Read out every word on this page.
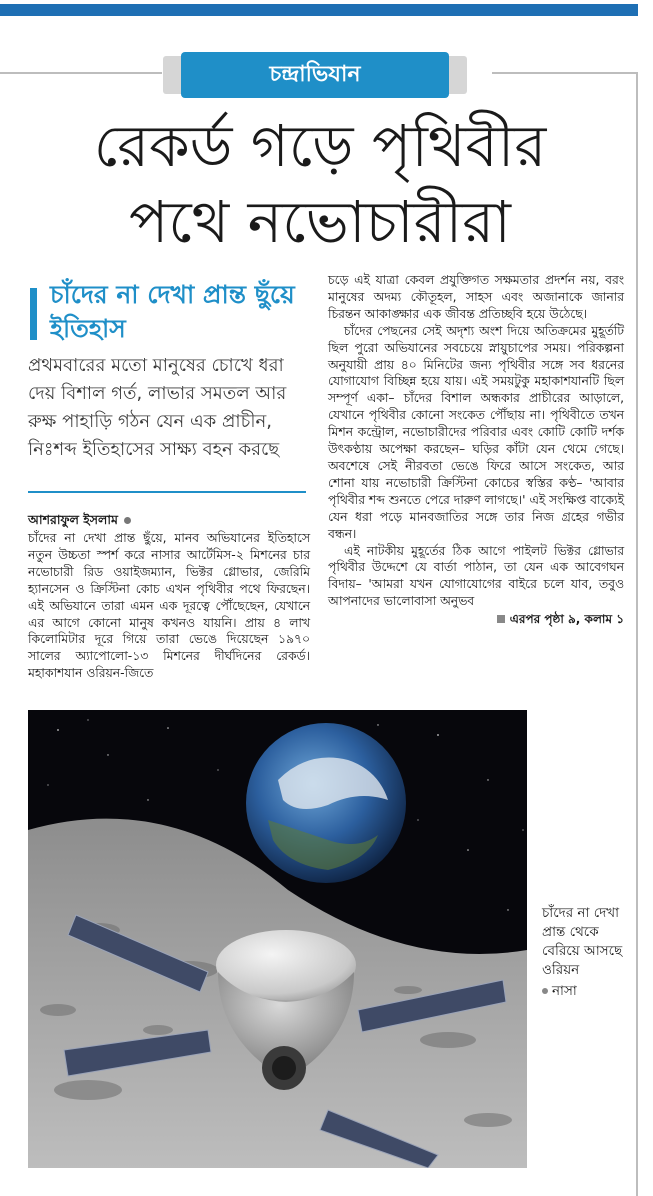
চন্দ্রাভিযান
রেকর্ড গড়ে পৃথিবীর
পথে নভোচারীরা
চাঁদের না দেখা প্রান্ত ছুঁয়ে ইতিহাস
প্রথমবারের মতো মানুষের চোখে ধরা দেয় বিশাল গর্ত, লাভার সমতল আর রুক্ষ পাহাড়ি গঠন যেন এক প্রাচীন, নিঃশব্দ ইতিহাসের সাক্ষ্য বহন করছে
আশরাফুল ইসলাম
চাঁদের না দেখা প্রান্ত ছুঁয়ে, মানব অভিযানের ইতিহাসে নতুন উচ্চতা স্পর্শ করে নাসার আর্টেমিস-২ মিশনের চার নভোচারী রিড ওয়াইজম্যান, ভিক্টর গ্লোভার, জেরিমি হ্যানসেন ও ক্রিস্টিনা কোচ এখন পৃথিবীর পথে ফিরছেন। এই অভিযানে তারা এমন এক দূরত্বে পৌঁছেছেন, যেখানে এর আগে কোনো মানুষ কখনও যায়নি। প্রায় ৪ লাখ কিলোমিটার দূরে গিয়ে তারা ভেঙে দিয়েছেন ১৯৭০ সালের অ্যাপোলো-১৩ মিশনের দীর্ঘদিনের রেকর্ড। মহাকাশযান ওরিয়ন-জিতে

চড়ে এই যাত্রা কেবল প্রযুক্তিগত সক্ষমতার প্রদর্শন নয়, বরং মানুষের অদম্য কৌতূহল, সাহস এবং অজানাকে জানার চিরন্তন আকাঙ্ক্ষার এক জীবন্ত প্রতিচ্ছবি হয়ে উঠেছে।

চাঁদের পেছনের সেই অদৃশ্য অংশ দিয়ে অতিক্রমের মুহূর্তটি ছিল পুরো অভিযানের সবচেয়ে স্নায়ুচাপের সময়। পরিকল্পনা অনুযায়ী প্রায় ৪০ মিনিটের জন্য পৃথিবীর সঙ্গে সব ধরনের যোগাযোগ বিচ্ছিন্ন হয়ে যায়। এই সময়টুকু মহাকাশযানটি ছিল সম্পূর্ণ একা– চাঁদের বিশাল অন্ধকার প্রাচীরের আড়ালে, যেখানে পৃথিবীর কোনো সংকেত পৌঁছায় না। পৃথিবীতে তখন মিশন কন্ট্রোল, নভোচারীদের পরিবার এবং কোটি কোটি দর্শক উৎকণ্ঠায় অপেক্ষা করছেন– ঘড়ির কাঁটা যেন থেমে গেছে। অবশেষে সেই নীরবতা ভেঙে ফিরে আসে সংকেত, আর শোনা যায় নভোচারী ক্রিস্টিনা কোচের স্বস্তির কণ্ঠ– 'আবার পৃথিবীর শব্দ শুনতে পেরে দারুণ লাগছে।' এই সংক্ষিপ্ত বাক্যেই যেন ধরা পড়ে মানবজাতির সঙ্গে তার নিজ গ্রহের গভীর বন্ধন।

এই নাটকীয় মুহূর্তের ঠিক আগে পাইলট ভিক্টর গ্লোভার পৃথিবীর উদ্দেশে যে বার্তা পাঠান, তা যেন এক আবেগঘন বিদায়– 'আমরা যখন যোগাযোগের বাইরে চলে যাব, তবুও আপনাদের ভালোবাসা অনুভব

এরপর পৃষ্ঠা ৯, কলাম ১
চাঁদের না দেখা প্রান্ত থেকে বেরিয়ে আসছে ওরিয়ন
নাসা
